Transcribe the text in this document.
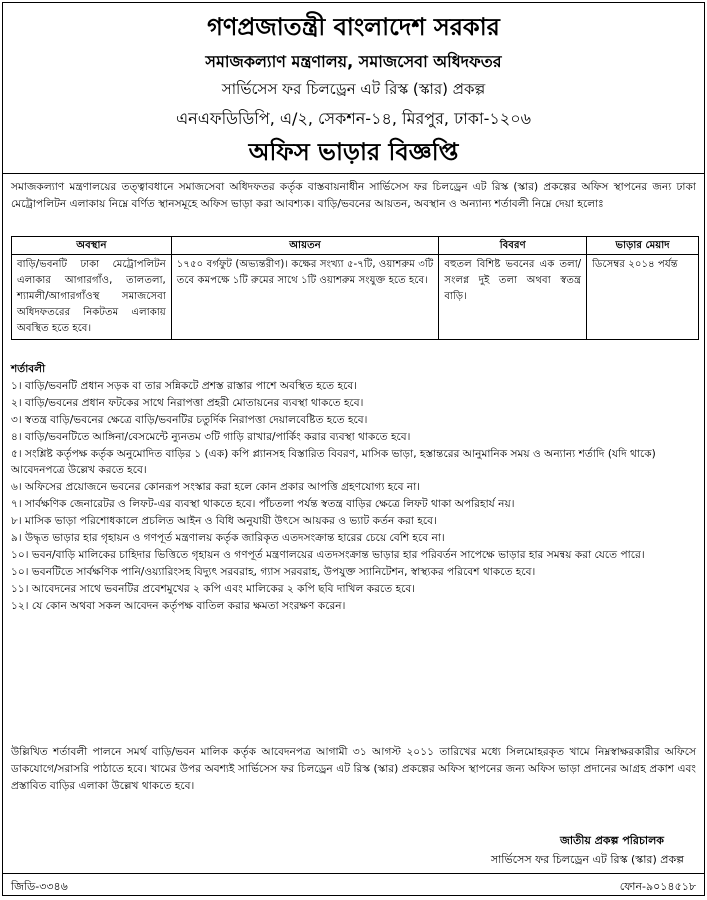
গণপ্রজাতন্ত্রী বাংলাদেশ সরকার
সমাজকল্যাণ মন্ত্রণালয়, সমাজসেবা অধিদফতর
সার্ভিসেস ফর চিলড্রেন এট রিস্ক (স্কার) প্রকল্প
এনএফডিডিপি, এ/২, সেকশন-১৪, মিরপুর, ঢাকা-১২০৬
অফিস ভাড়ার বিজ্ঞপ্তি
সমাজকল্যাণ মন্ত্রণালয়ের তত্ত্বাবধানে সমাজসেবা অধিদফতর কর্তৃক বাস্তবায়নাধীন সার্ভিসেস ফর চিলড্রেন এট রিস্ক (স্কার) প্রকল্পের অফিস স্থাপনের জন্য ঢাকা মেট্রোপলিটন এলাকায় নিম্নে বর্ণিত স্থানসমূহে অফিস ভাড়া করা আবশ্যক। বাড়ি/ভবনের আয়তন, অবস্থান ও অন্যান্য শর্তাবলী নিম্নে দেয়া হলোঃ
অবস্থান	আয়তন	বিবরণ	ভাড়ার মেয়াদ
বাড়ি/ভবনটি ঢাকা মেট্রোপলিটন এলাকার আগারগাঁও, তালতলা, শ্যামলী/আগারগাঁওস্থ সমাজসেবা অধিদফতরের নিকটতম এলাকায় অবস্থিত হতে হবে।	১৭৫০ বর্গফুট (অভ্যন্তরীণ)। কক্ষের সংখ্যা ৫-৭টি, ওয়াশরুম ৩টি তবে কমপক্ষে ১টি রুমের সাথে ১টি ওয়াশরুম সংযুক্ত হতে হবে।	বহুতল বিশিষ্ট ভবনের এক তলা/সংলগ্ন দুই তলা অথবা স্বতন্ত্র বাড়ি।	ডিসেম্বর ২০১৪ পর্যন্ত
শর্তাবলী
১। বাড়ি/ভবনটি প্রধান সড়ক বা তার সন্নিকটে প্রশস্ত রাস্তার পাশে অবস্থিত হতে হবে।
২। বাড়ি/ভবনের প্রধান ফটকের সাথে নিরাপত্তা প্রহরী মোতায়নের ব্যবস্থা থাকতে হবে।
৩। স্বতন্ত্র বাড়ি/ভবনের ক্ষেত্রে বাড়ি/ভবনটির চতুর্দিক নিরাপত্তা দেয়ালবেষ্টিত হতে হবে।
৪। বাড়ি/ভবনটিতে আঙ্গিনা/বেসমেন্টে ন্যুনতম ৩টি গাড়ি রাখার/পার্কিং করার ব্যবস্থা থাকতে হবে।
৫। সংশ্লিষ্ট কর্তৃপক্ষ কর্তৃক অনুমোদিত বাড়ির ১ (এক) কপি প্ল্যানসহ বিস্তারিত বিবরণ, মাসিক ভাড়া, হস্তান্তরের আনুমানিক সময় ও অন্যান্য শর্তাদি (যদি থাকে) আবেদনপত্রে উল্লেখ করতে হবে।
৬। অফিসের প্রয়োজনে ভবনের কোনরূপ সংস্কার করা হলে কোন প্রকার আপত্তি গ্রহণযোগ্য হবে না।
৭। সার্বক্ষণিক জেনারেটর ও লিফট-এর ব্যবস্থা থাকতে হবে। পাঁচতলা পর্যন্ত স্বতন্ত্র বাড়ির ক্ষেত্রে লিফট থাকা অপরিহার্য নয়।
৮। মাসিক ভাড়া পরিশোধকালে প্রচলিত আইন ও বিধি অনুযায়ী উৎসে আয়কর ও ভ্যাট কর্তন করা হবে।
৯। উদ্ধৃত ভাড়ার হার গৃহায়ন ও গণপূর্ত মন্ত্রণালয় কর্তৃক জারিকৃত এতদসংক্রান্ত হারের চেয়ে বেশি হবে না।
১০। ভবন/বাড়ি মালিকের চাহিদার ভিত্তিতে গৃহায়ন ও গণপূর্ত মন্ত্রণালয়ের এতদসংক্রান্ত ভাড়ার হার পরিবর্তন সাপেক্ষে ভাড়ার হার সমন্বয় করা যেতে পারে।
১০। ভবনটিতে সার্বক্ষণিক পানি/ওয়্যারিংসহ বিদ্যুৎ সরবরাহ, গ্যাস সরবরাহ, উপযুক্ত স্যানিটেশন, স্বাস্থ্যকর পরিবেশ থাকতে হবে।
১১। আবেদনের সাথে ভবনটির প্রবেশমুখের ২ কপি এবং মালিকের ২ কপি ছবি দাখিল করতে হবে।
১২। যে কোন অথবা সকল আবেদন কর্তৃপক্ষ বাতিল করার ক্ষমতা সংরক্ষণ করেন।
উল্লিখিত শর্তাবলী পালনে সমর্থ বাড়ি/ভবন মালিক কর্তৃক আবেদনপত্র আগামী ৩১ আগস্ট ২০১১ তারিখের মধ্যে সিলমোহরকৃত খামে নিম্নস্বাক্ষরকারীর অফিসে ডাকযোগে/সরাসরি পাঠাতে হবে। খামের উপর অবশ্যই সার্ভিসেস ফর চিলড্রেন এট রিস্ক (স্কার) প্রকল্পের অফিস স্থাপনের জন্য অফিস ভাড়া প্রদানের আগ্রহ প্রকাশ এবং প্রস্তাবিত বাড়ির এলাকা উল্লেখ থাকতে হবে।
জাতীয় প্রকল্প পরিচালক
সার্ভিসেস ফর চিলড্রেন এট রিস্ক (স্কার) প্রকল্প
জিডি-৩৩৪৬	ফোন-৯০১৪৫১৮
